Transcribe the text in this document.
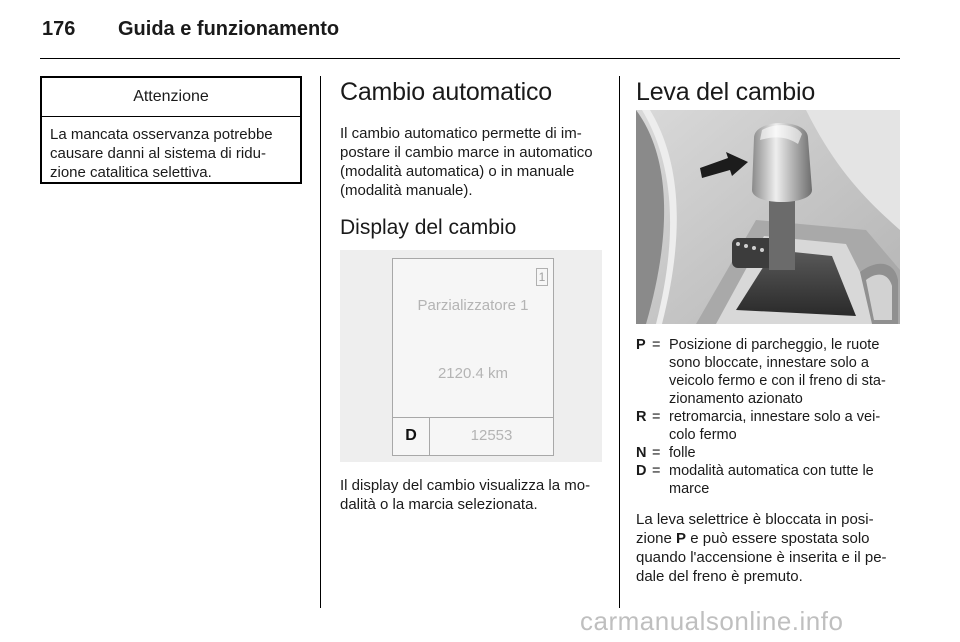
176 Guida e funzionamento
Attenzione
La mancata osservanza potrebbe causare danni al sistema di ridu-zione catalitica selettiva.
Cambio automatico

Il cambio automatico permette di im-postare il cambio marce in automatico (modalità automatica) o in manuale (modalità manuale).

Display del cambio
1
Parzializzatore 1
2120.4 km
D	12553

Il display del cambio visualizza la mo-dalità o la marcia selezionata.

Leva del cambio
P = Posizione di parcheggio, le ruote sono bloccate, innestare solo a veicolo fermo e con il freno di sta-zionamento azionato
R = retromarcia, innestare solo a vei-colo fermo
N = folle
D = modalità automatica con tutte le marce

La leva selettrice è bloccata in posi-zione P e può essere spostata solo quando l'accensione è inserita e il pe-dale del freno è premuto.

carmanualsonline.info
